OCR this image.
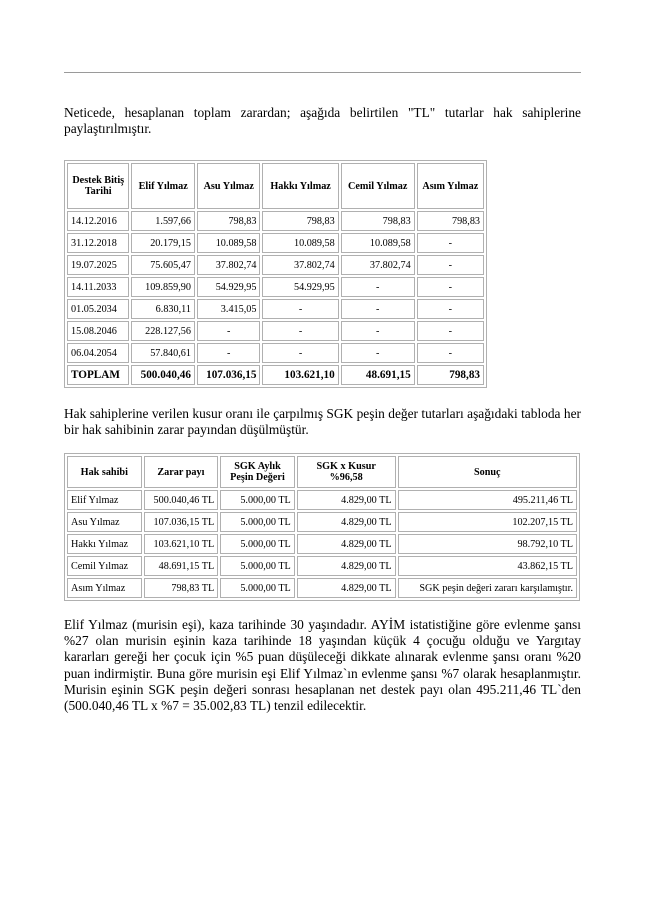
Neticede, hesaplanan toplam zarardan; aşağıda belirtilen "TL" tutarlar hak sahiplerine paylaştırılmıştır.

Destek Bitiş Tarihi	Elif Yılmaz	Asu Yılmaz	Hakkı Yılmaz	Cemil Yılmaz	Asım Yılmaz
14.12.2016	1.597,66	798,83	798,83	798,83	798,83
31.12.2018	20.179,15	10.089,58	10.089,58	10.089,58	-
19.07.2025	75.605,47	37.802,74	37.802,74	37.802,74	-
14.11.2033	109.859,90	54.929,95	54.929,95	-	-
01.05.2034	6.830,11	3.415,05	-	-	-
15.08.2046	228.127,56	-	-	-	-
06.04.2054	57.840,61	-	-	-	-
TOPLAM	500.040,46	107.036,15	103.621,10	48.691,15	798,83

Hak sahiplerine verilen kusur oranı ile çarpılmış SGK peşin değer tutarları aşağıdaki tabloda her bir hak sahibinin zarar payından düşülmüştür.

Hak sahibi	Zarar payı	SGK Aylık Peşin Değeri	SGK x Kusur %96,58	Sonuç
Elif Yılmaz	500.040,46 TL	5.000,00 TL	4.829,00 TL	495.211,46 TL
Asu Yılmaz	107.036,15 TL	5.000,00 TL	4.829,00 TL	102.207,15 TL
Hakkı Yılmaz	103.621,10 TL	5.000,00 TL	4.829,00 TL	98.792,10 TL
Cemil Yılmaz	48.691,15 TL	5.000,00 TL	4.829,00 TL	43.862,15 TL
Asım Yılmaz	798,83 TL	5.000,00 TL	4.829,00 TL	SGK peşin değeri zararı karşılamıştır.

Elif Yılmaz (murisin eşi), kaza tarihinde 30 yaşındadır. AYİM istatistiğine göre evlenme şansı %27 olan murisin eşinin kaza tarihinde 18 yaşından küçük 4 çocuğu olduğu ve Yargıtay kararları gereği her çocuk için %5 puan düşüleceği dikkate alınarak evlenme şansı oranı %20 puan indirmiştir. Buna göre murisin eşi Elif Yılmaz`ın evlenme şansı %7 olarak hesaplanmıştır. Murisin eşinin SGK peşin değeri sonrası hesaplanan net destek payı olan 495.211,46 TL`den (500.040,46 TL x %7 = 35.002,83 TL) tenzil edilecektir.
